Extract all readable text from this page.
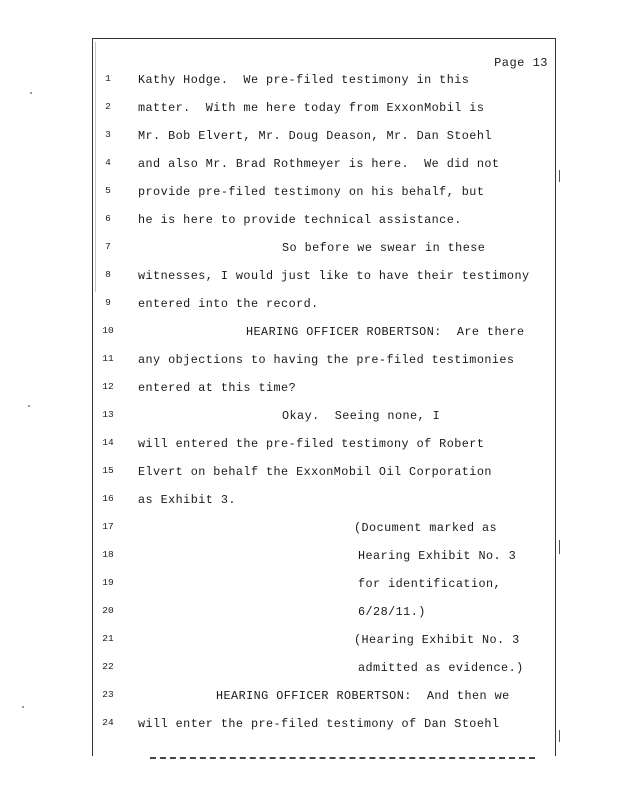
Page 13
1	Kathy Hodge.  We pre-filed testimony in this
2	matter.  With me here today from ExxonMobil is
3	Mr. Bob Elvert, Mr. Doug Deason, Mr. Dan Stoehl
4	and also Mr. Brad Rothmeyer is here.  We did not
5	provide pre-filed testimony on his behalf, but
6	he is here to provide technical assistance.
7	So before we swear in these
8	witnesses, I would just like to have their testimony
9	entered into the record.
10	HEARING OFFICER ROBERTSON:  Are there
11	any objections to having the pre-filed testimonies
12	entered at this time?
13	Okay.  Seeing none, I
14	will entered the pre-filed testimony of Robert
15	Elvert on behalf the ExxonMobil Oil Corporation
16	as Exhibit 3.
17	(Document marked as
18	Hearing Exhibit No. 3
19	for identification,
20	6/28/11.)
21	(Hearing Exhibit No. 3
22	admitted as evidence.)
23	HEARING OFFICER ROBERTSON:  And then we
24	will enter the pre-filed testimony of Dan Stoehl
